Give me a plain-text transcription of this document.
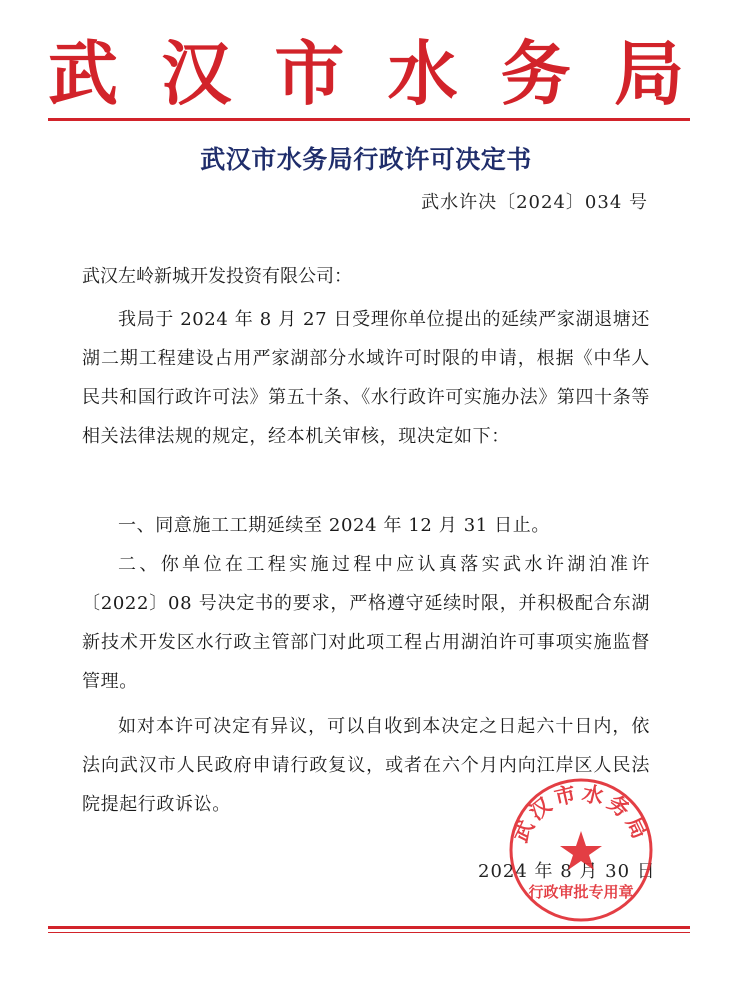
武 汉 市 水 务 局
武汉市水务局行政许可决定书
武水许决〔2024〕034 号
武汉左岭新城开发投资有限公司：
我局于 2024 年 8 月 27 日受理你单位提出的延续严家湖退塘还湖二期工程建设占用严家湖部分水域许可时限的申请，根据《中华人民共和国行政许可法》第五十条、《水行政许可实施办法》第四十条等相关法律法规的规定，经本机关审核，现决定如下：
一、同意施工工期延续至 2024 年 12 月 31 日止。
二、你单位在工程实施过程中应认真落实武水许湖泊准许〔2022〕08 号决定书的要求，严格遵守延续时限，并积极配合东湖新技术开发区水行政主管部门对此项工程占用湖泊许可事项实施监督管理。
如对本许可决定有异议，可以自收到本决定之日起六十日内，依法向武汉市人民政府申请行政复议，或者在六个月内向江岸区人民法院提起行政诉讼。
2024 年 8 月 30 日
武汉市水务局
行政审批专用章
